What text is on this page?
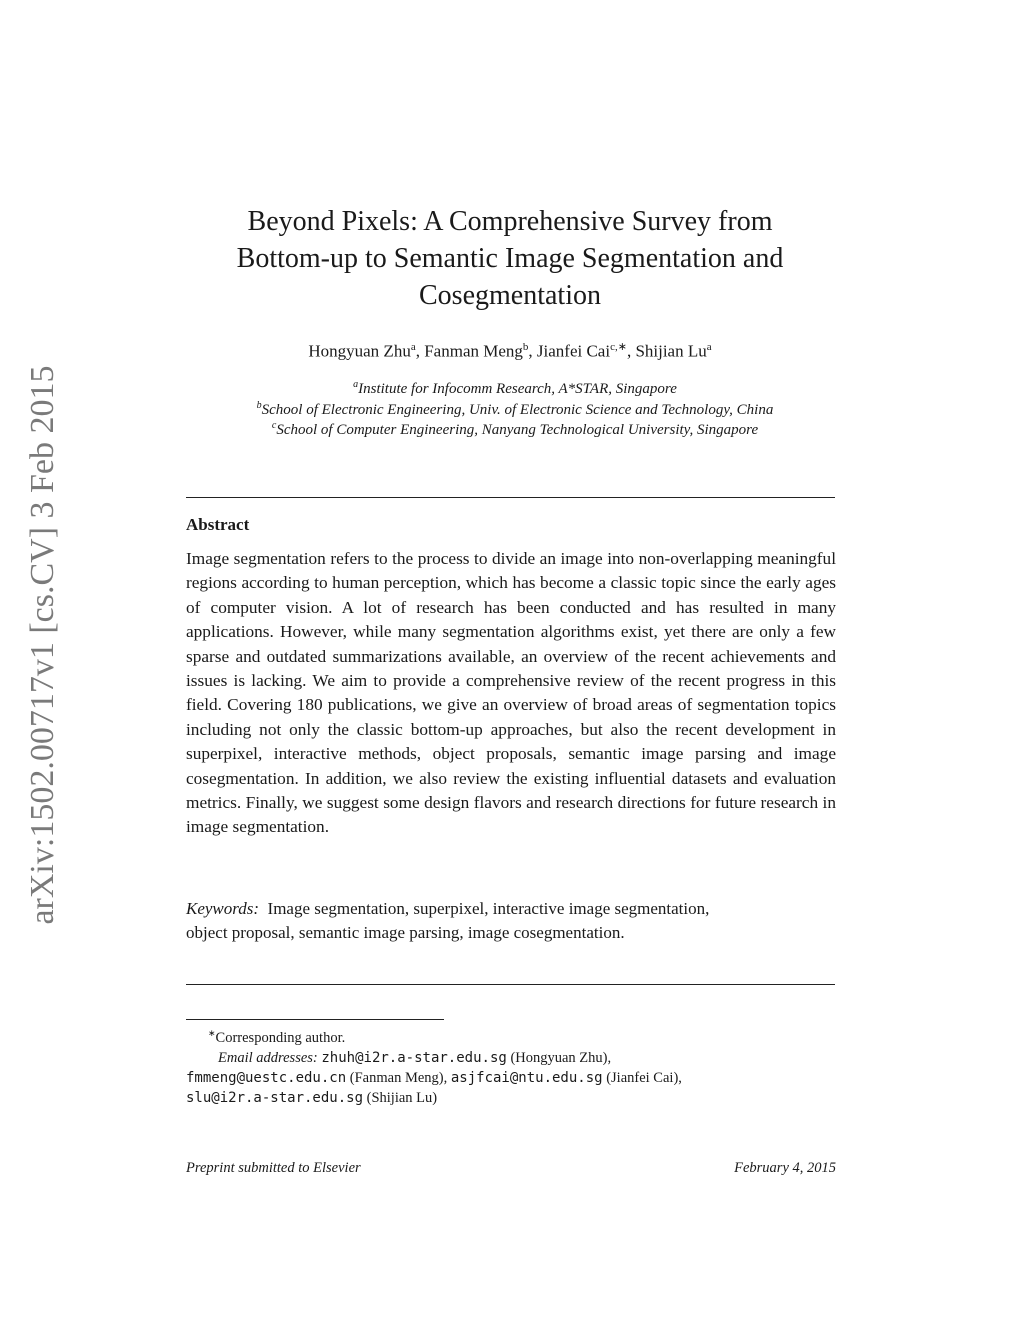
arXiv:1502.00717v1 [cs.CV] 3 Feb 2015
Beyond Pixels: A Comprehensive Survey from
Bottom-up to Semantic Image Segmentation and
Cosegmentation
Hongyuan Zhu$^a$, Fanman Meng$^b$, Jianfei Cai$^{c,∗}$, Shijian Lu$^a$
$^a$Institute for Infocomm Research, A*STAR, Singapore
$^b$School of Electronic Engineering, Univ. of Electronic Science and Technology, China
$^c$School of Computer Engineering, Nanyang Technological University, Singapore
Abstract
Image segmentation refers to the process to divide an image into non-overlapping meaningful regions according to human perception, which has become a classic topic since the early ages of computer vision. A lot of research has been conducted and has resulted in many applications. However, while many segmentation algorithms exist, yet there are only a few sparse and outdated summarizations available, an overview of the recent achievements and issues is lacking. We aim to provide a comprehensive review of the recent progress in this field. Covering 180 publications, we give an overview of broad areas of segmentation topics including not only the classic bottom-up approaches, but also the recent development in superpixel, interactive methods, object proposals, semantic image parsing and image cosegmentation. In addition, we also review the existing influential datasets and evaluation metrics. Finally, we suggest some design flavors and research directions for future research in image segmentation.
Keywords: Image segmentation, superpixel, interactive image segmentation, object proposal, semantic image parsing, image cosegmentation.
∗Corresponding author.
Email addresses: zhuh@i2r.a-star.edu.sg (Hongyuan Zhu),
fmmeng@uestc.edu.cn (Fanman Meng), asjfcai@ntu.edu.sg (Jianfei Cai),
slu@i2r.a-star.edu.sg (Shijian Lu)
Preprint submitted to Elsevier	February 4, 2015
